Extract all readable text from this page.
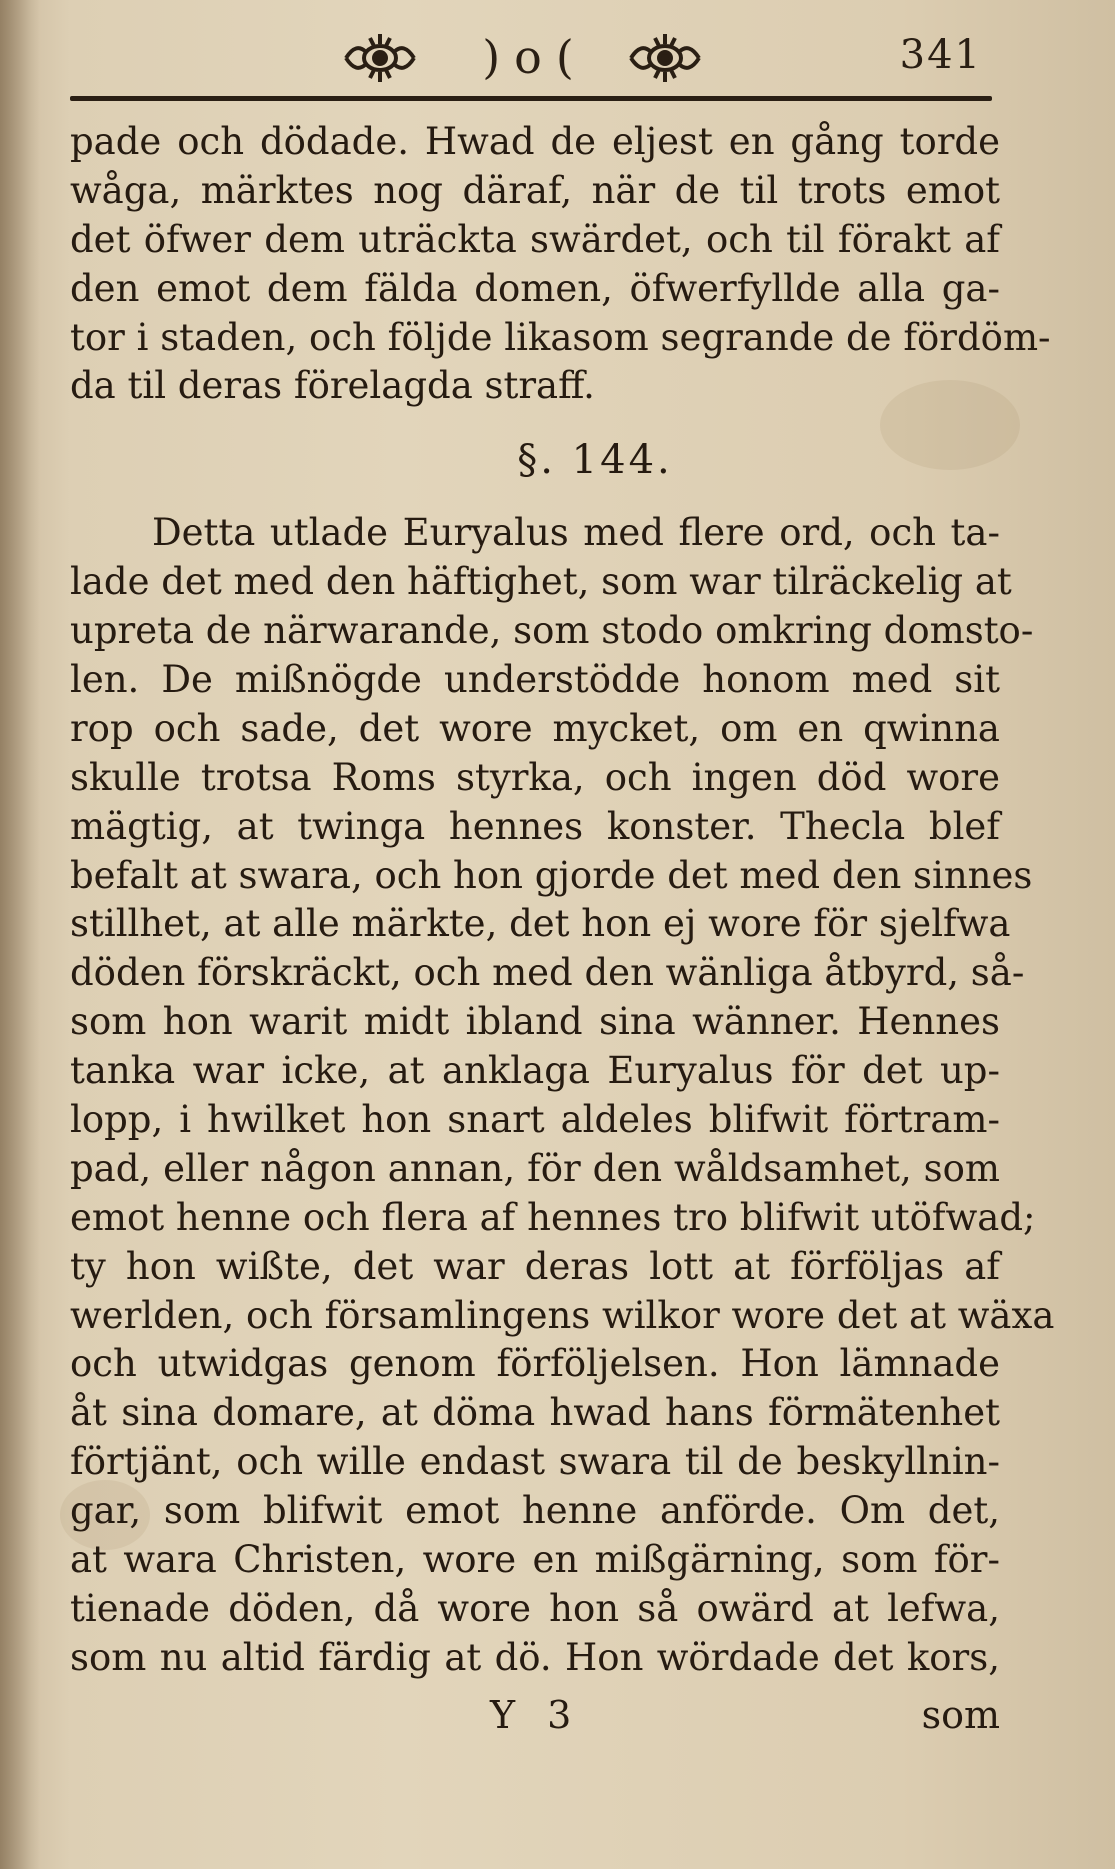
)o(	341
pade och dödade. Hwad de eljest en gång torde
wåga, märktes nog däraf, när de til trots emot
det öfwer dem uträckta swärdet, och til förakt af
den emot dem fälda domen, öfwerfyllde alla ga-
tor i staden, och följde likasom segrande de fördöm-
da til deras förelagda straff.
§. 144.
Detta utlade Euryalus med flere ord, och ta-
lade det med den häftighet, som war tilräckelig at
upreta de närwarande, som stodo omkring domsto-
len. De mißnögde understödde honom med sit
rop och sade, det wore mycket, om en qwinna
skulle trotsa Roms styrka, och ingen död wore
mägtig, at twinga hennes konster. Thecla blef
befalt at swara, och hon gjorde det med den sinnes
stillhet, at alle märkte, det hon ej wore för sjelfwa
döden förskräckt, och med den wänliga åtbyrd, så-
som hon warit midt ibland sina wänner. Hennes
tanka war icke, at anklaga Euryalus för det up-
lopp, i hwilket hon snart aldeles blifwit förtram-
pad, eller någon annan, för den wåldsamhet, som
emot henne och flera af hennes tro blifwit utöfwad;
ty hon wißte, det war deras lott at förföljas af
werlden, och församlingens wilkor wore det at wäxa
och utwidgas genom förföljelsen. Hon lämnade
åt sina domare, at döma hwad hans förmätenhet
förtjänt, och wille endast swara til de beskyllnin-
gar, som blifwit emot henne anförde. Om det,
at wara Christen, wore en mißgärning, som för-
tienade döden, då wore hon så owärd at lefwa,
som nu altid färdig at dö. Hon wördade det kors,
Y 3	som
